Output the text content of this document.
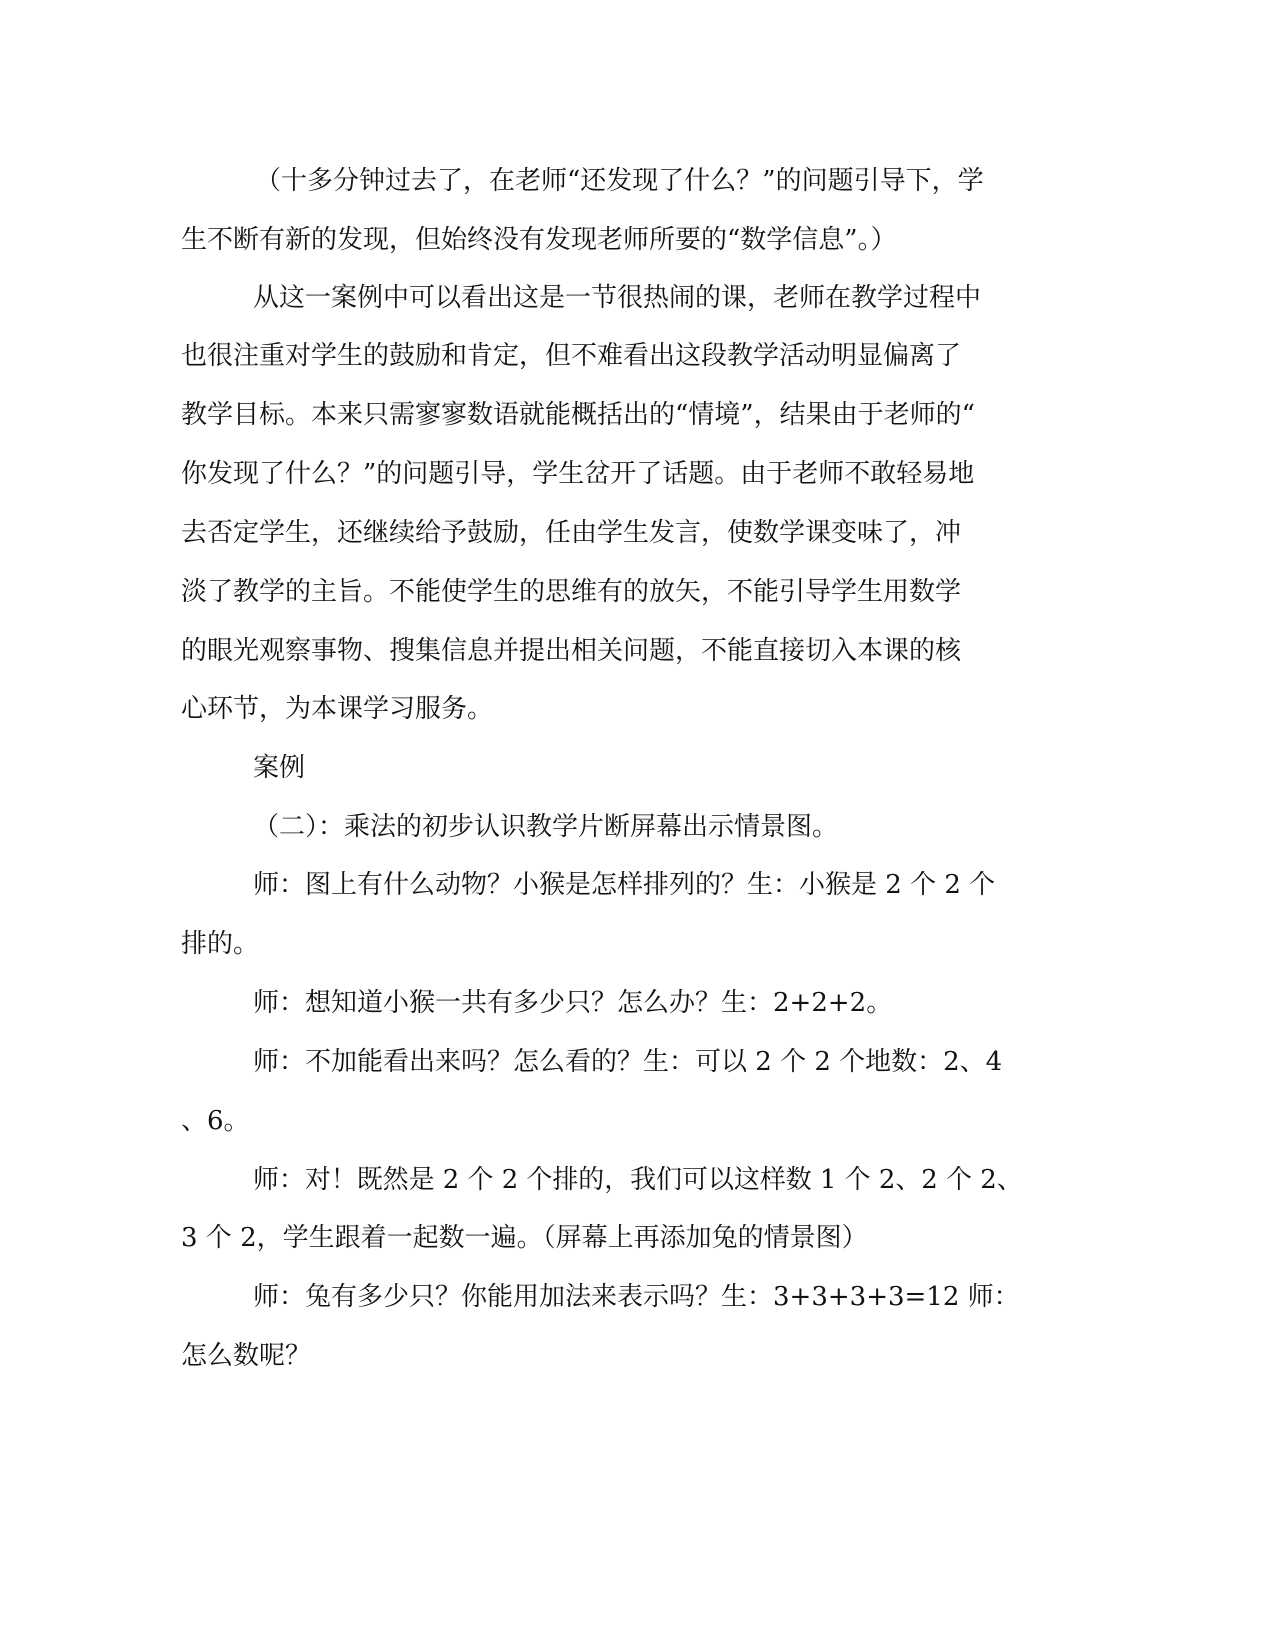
（十多分钟过去了，在老师“还发现了什么？”的问题引导下，学
生不断有新的发现，但始终没有发现老师所要的“数学信息”。）
从这一案例中可以看出这是一节很热闹的课，老师在教学过程中
也很注重对学生的鼓励和肯定，但不难看出这段教学活动明显偏离了
教学目标。本来只需寥寥数语就能概括出的“情境”，结果由于老师的“
你发现了什么？”的问题引导，学生岔开了话题。由于老师不敢轻易地
去否定学生，还继续给予鼓励，任由学生发言，使数学课变味了，冲
淡了教学的主旨。不能使学生的思维有的放矢，不能引导学生用数学
的眼光观察事物、搜集信息并提出相关问题，不能直接切入本课的核
心环节，为本课学习服务。
案例
（二）：乘法的初步认识教学片断屏幕出示情景图。
师：图上有什么动物？小猴是怎样排列的？生：小猴是 2 个 2 个
排的。
师：想知道小猴一共有多少只？怎么办？生：2+2+2。
师：不加能看出来吗？怎么看的？生：可以 2 个 2 个地数：2、4
、6。
师：对！既然是 2 个 2 个排的，我们可以这样数 1 个 2、2 个 2、
3 个 2，学生跟着一起数一遍。（屏幕上再添加兔的情景图）
师：兔有多少只？你能用加法来表示吗？生：3+3+3+3=12 师：
怎么数呢？
